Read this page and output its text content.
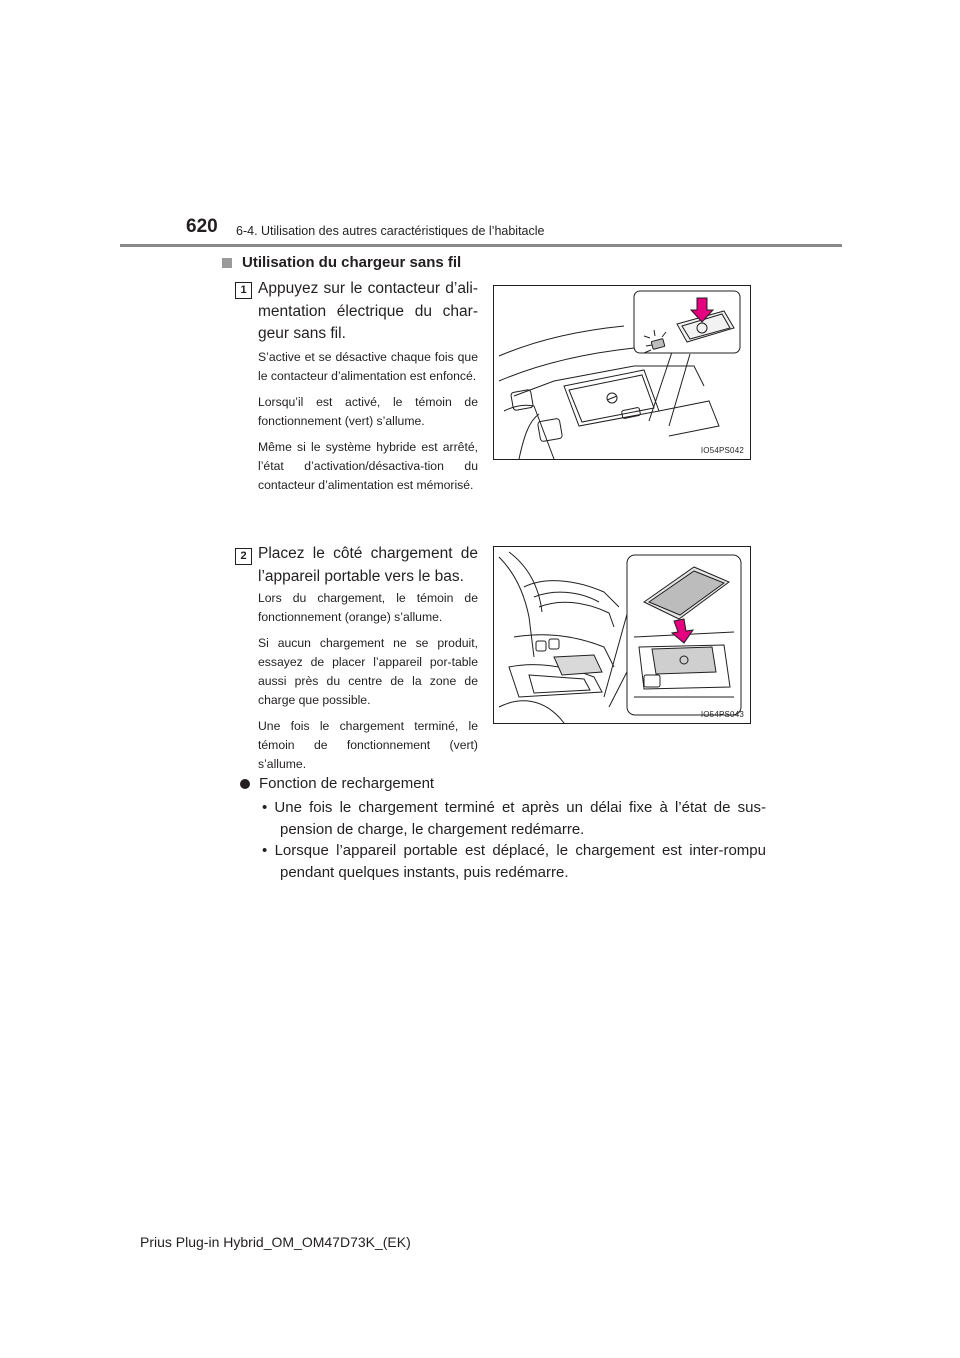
620 6-4. Utilisation des autres caractéristiques de l’habitacle
Utilisation du chargeur sans fil
1 Appuyez sur le contacteur d’ali-mentation électrique du char-geur sans fil.

S’active et se désactive chaque fois que le contacteur d’alimentation est enfoncé.

Lorsqu’il est activé, le témoin de fonctionnement (vert) s’allume.

Même si le système hybride est arrêté, l’état d’activation/désactiva-tion du contacteur d’alimentation est mémorisé.

IO54PS042
2 Placez le côté chargement de l’appareil portable vers le bas.

Lors du chargement, le témoin de fonctionnement (orange) s’allume.

Si aucun chargement ne se produit, essayez de placer l’appareil por-table aussi près du centre de la zone de charge que possible.

Une fois le chargement terminé, le témoin de fonctionnement (vert) s’allume.

IO54PS043
Fonction de rechargement
• Une fois le chargement terminé et après un délai fixe à l’état de sus-pension de charge, le chargement redémarre.
• Lorsque l’appareil portable est déplacé, le chargement est inter-rompu pendant quelques instants, puis redémarre.
Prius Plug-in Hybrid_OM_OM47D73K_(EK)
